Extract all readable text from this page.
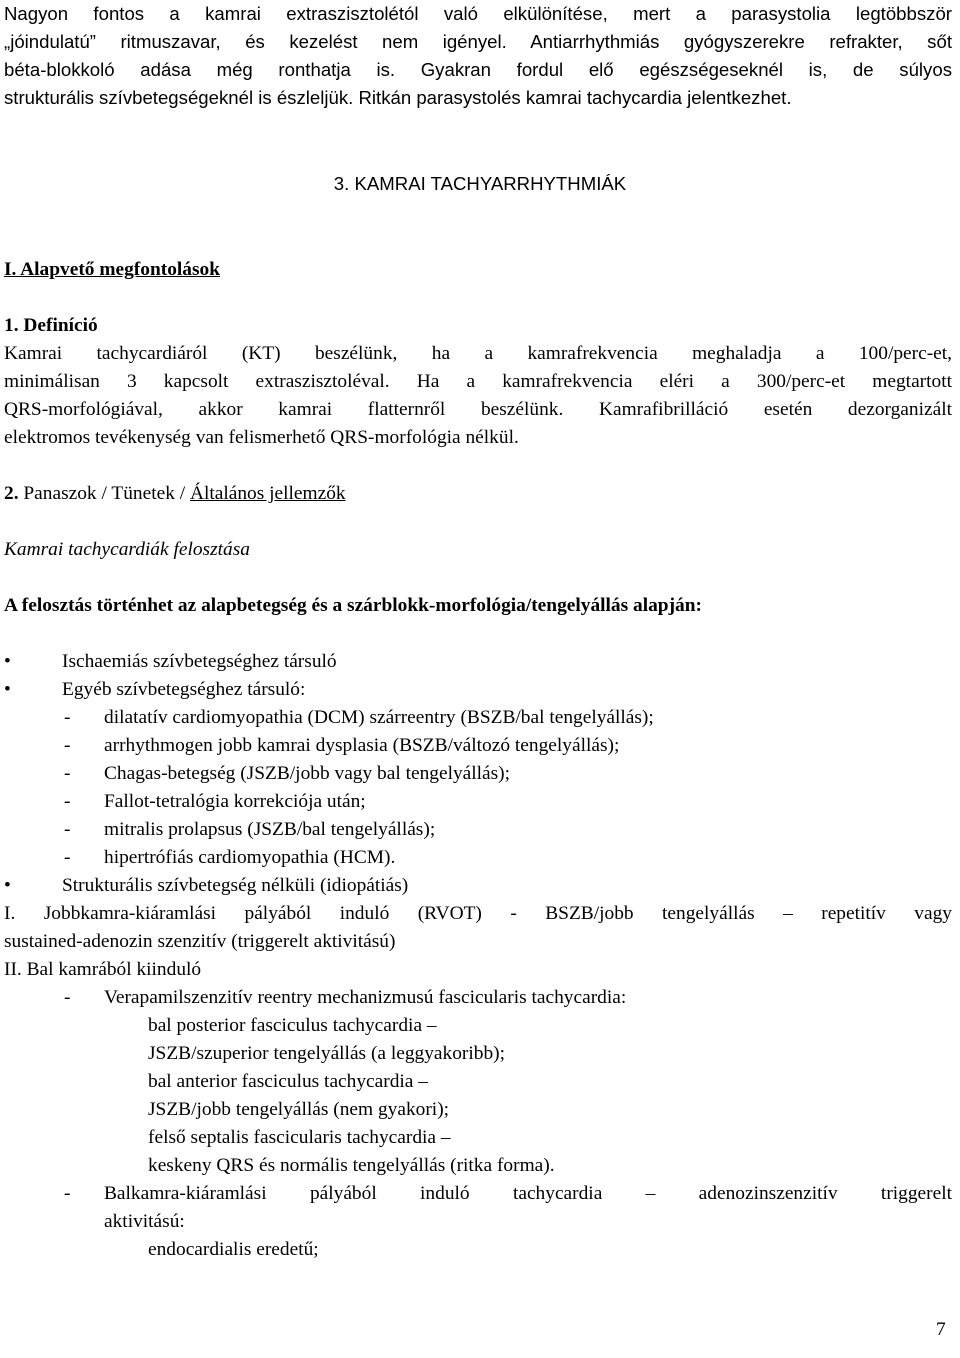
Nagyon fontos a kamrai extraszisztolétól való elkülönítése, mert a parasystolia legtöbbször

„jóindulatú” ritmuszavar, és kezelést nem igényel. Antiarrhythmiás gyógyszerekre refrakter, sőt

béta-blokkoló adása még ronthatja is. Gyakran fordul elő egészségeseknél is, de súlyos

strukturális szívbetegségeknél is észleljük. Ritkán parasystolés kamrai tachycardia jelentkezhet.

3. KAMRAI TACHYARRHYTHMIÁK

I. Alapvető megfontolások

1. Definíció

Kamrai tachycardiáról (KT) beszélünk, ha a kamrafrekvencia meghaladja a 100/perc-et,

minimálisan 3 kapcsolt extraszisztoléval. Ha a kamrafrekvencia eléri a 300/perc-et megtartott

QRS-morfológiával, akkor kamrai flatternről beszélünk. Kamrafibrilláció esetén dezorganizált

elektromos tevékenység van felismerhető QRS-morfológia nélkül.

2. Panaszok / Tünetek / Általános jellemzők

Kamrai tachycardiák felosztása

A felosztás történhet az alapbetegség és a szárblokk-morfológia/tengelyállás alapján:

•	Ischaemiás szívbetegséghez társuló

•	Egyéb szívbetegséghez társuló:

- dilatatív cardiomyopathia (DCM) szárreentry (BSZB/bal tengelyállás);

- arrhythmogen jobb kamrai dysplasia (BSZB/változó tengelyállás);

- Chagas-betegség (JSZB/jobb vagy bal tengelyállás);

- Fallot-tetralógia korrekciója után;

- mitralis prolapsus (JSZB/bal tengelyállás);

- hipertrófiás cardiomyopathia (HCM).

•	Strukturális szívbetegség nélküli (idiopátiás)

I. Jobbkamra-kiáramlási pályából induló (RVOT) - BSZB/jobb tengelyállás – repetitív vagy

sustained-adenozin szenzitív (triggerelt aktivitású)

II. Bal kamrából kiinduló

- Verapamilszenzitív reentry mechanizmusú fascicularis tachycardia:

bal posterior fasciculus tachycardia –

JSZB/szuperior tengelyállás (a leggyakoribb);

bal anterior fasciculus tachycardia –

JSZB/jobb tengelyállás (nem gyakori);

felső septalis fascicularis tachycardia –

keskeny QRS és normális tengelyállás (ritka forma).

- Balkamra-kiáramlási pályából induló tachycardia – adenozinszenzitív triggerelt

aktivitású:

endocardialis eredetű;

7
